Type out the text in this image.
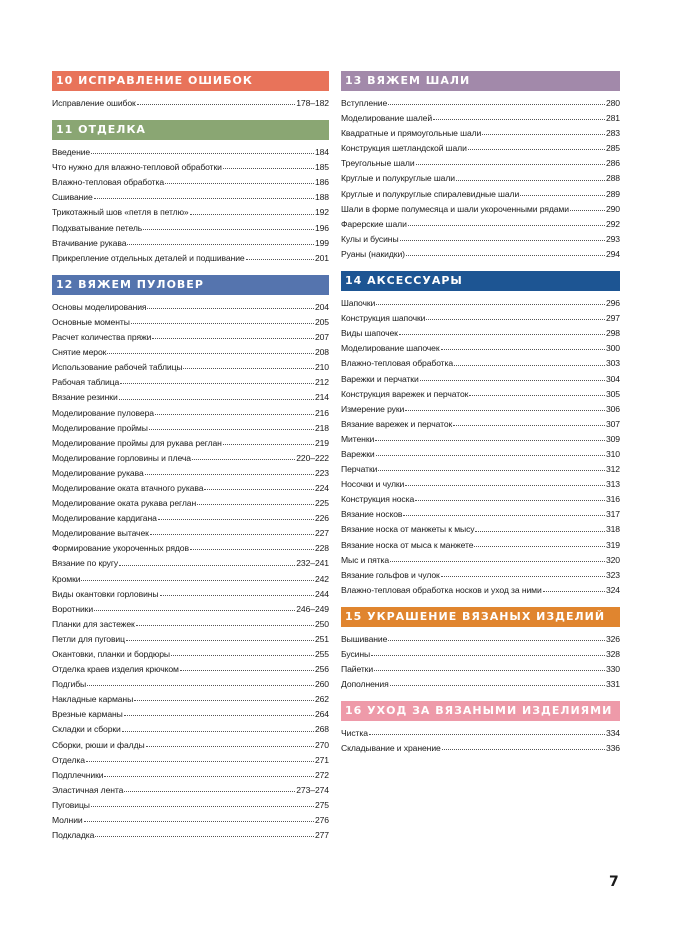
10 ИСПРАВЛЕНИЕ ОШИБОК
Исправление ошибок	178–182
11 ОТДЕЛКА
Введение	184
Что нужно для влажно-тепловой обработки	185
Влажно-тепловая обработка	186
Сшивание	188
Трикотажный шов «петля в петлю»	192
Подхватывание петель	196
Втачивание рукава	199
Прикрепление отдельных деталей и подшивание	201
12 ВЯЖЕМ ПУЛОВЕР
Основы моделирования	204
Основные моменты	205
Расчет количества пряжи	207
Снятие мерок	208
Использование рабочей таблицы	210
Рабочая таблица	212
Вязание резинки	214
Моделирование пуловера	216
Моделирование проймы	218
Моделирование проймы для рукава реглан	219
Моделирование горловины и плеча	220–222
Моделирование рукава	223
Моделирование оката втачного рукава	224
Моделирование оката рукава реглан	225
Моделирование кардигана	226
Моделирование вытачек	227
Формирование укороченных рядов	228
Вязание по кругу	232–241
Кромки	242
Виды окантовки горловины	244
Воротники	246–249
Планки для застежек	250
Петли для пуговиц	251
Окантовки, планки и бордюры	255
Отделка краев изделия крючком	256
Подгибы	260
Накладные карманы	262
Врезные карманы	264
Складки и сборки	268
Сборки, рюши и фалды	270
Отделка	271
Подплечники	272
Эластичная лента	273–274
Пуговицы	275
Молнии	276
Подкладка	277
13 ВЯЖЕМ ШАЛИ
Вступление	280
Моделирование шалей	281
Квадратные и прямоугольные шали	283
Конструкция шетландской шали	285
Треугольные шали	286
Круглые и полукруглые шали	288
Круглые и полукруглые спиралевидные шали	289
Шали в форме полумесяца и шали укороченными рядами	290
Фарерские шали	292
Кулы и бусины	293
Руаны (накидки)	294
14 АКСЕССУАРЫ
Шапочки	296
Конструкция шапочки	297
Виды шапочек	298
Моделирование шапочек	300
Влажно-тепловая обработка	303
Варежки и перчатки	304
Конструкция варежек и перчаток	305
Измерение руки	306
Вязание варежек и перчаток	307
Митенки	309
Варежки	310
Перчатки	312
Носочки и чулки	313
Конструкция носка	316
Вязание носков	317
Вязание носка от манжеты к мысу	318
Вязание носка от мыса к манжете	319
Мыс и пятка	320
Вязание гольфов и чулок	323
Влажно-тепловая обработка носков и уход за ними	324
15 УКРАШЕНИЕ ВЯЗАНЫХ ИЗДЕЛИЙ
Вышивание	326
Бусины	328
Пайетки	330
Дополнения	331
16 УХОД ЗА ВЯЗАНЫМИ ИЗДЕЛИЯМИ
Чистка	334
Складывание и хранение	336
7
